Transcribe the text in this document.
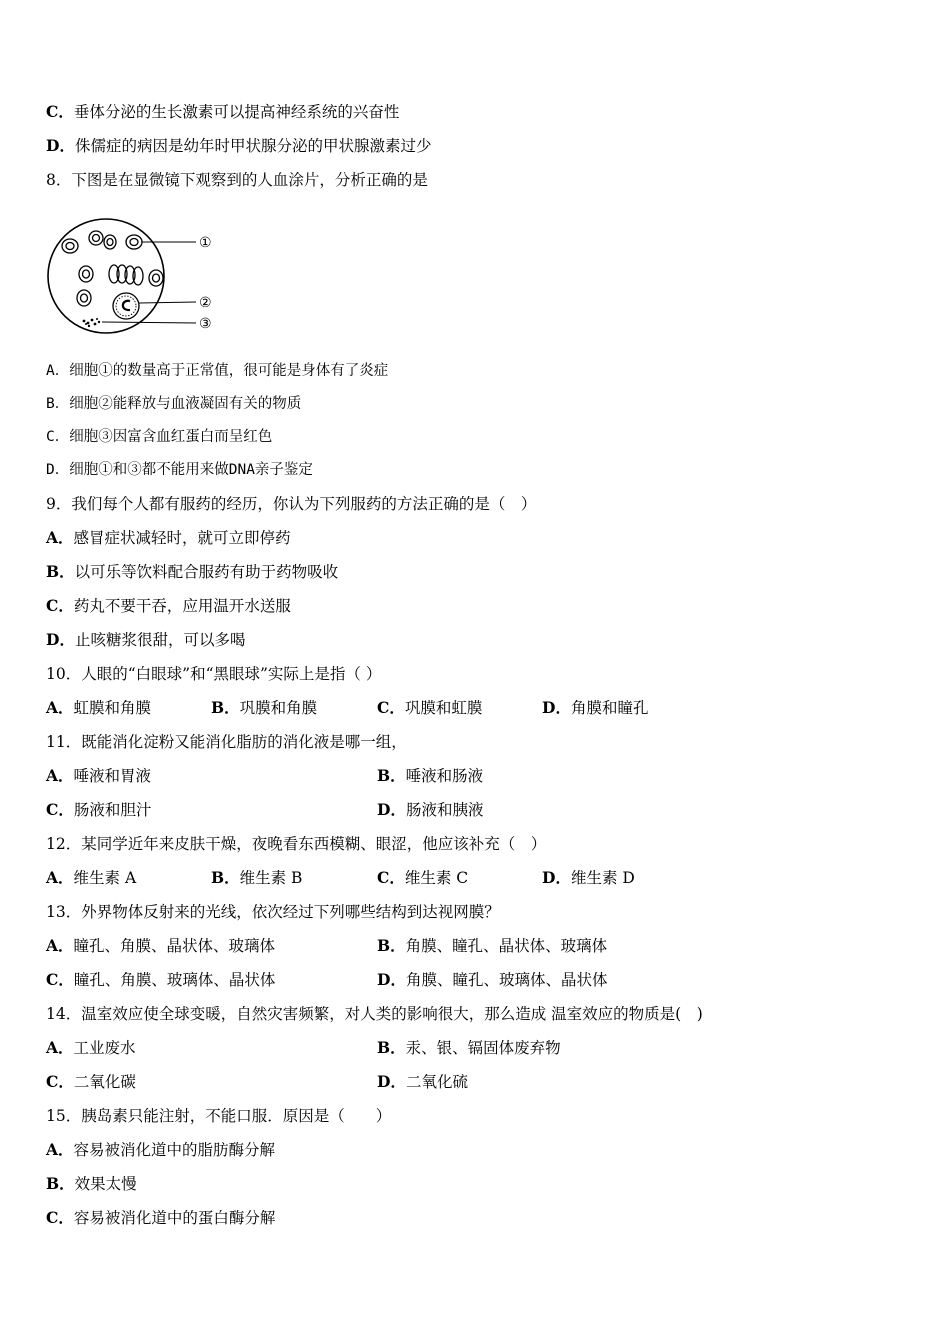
C．垂体分泌的生长激素可以提高神经系统的兴奋性
D．侏儒症的病因是幼年时甲状腺分泌的甲状腺激素过少
8．下图是在显微镜下观察到的人血涂片，分析正确的是
①
②
③
A．细胞①的数量高于正常值，很可能是身体有了炎症
B．细胞②能释放与血液凝固有关的物质
C．细胞③因富含血红蛋白而呈红色
D．细胞①和③都不能用来做DNA亲子鉴定
9．我们每个人都有服药的经历，你认为下列服药的方法正确的是（　）
A．感冒症状减轻时，就可立即停药
B．以可乐等饮料配合服药有助于药物吸收
C．药丸不要干吞，应用温开水送服
D．止咳糖浆很甜，可以多喝
10．人眼的“白眼球”和“黑眼球”实际上是指（ ）
A．虹膜和角膜	B．巩膜和角膜	C．巩膜和虹膜	D．角膜和瞳孔
11．既能消化淀粉又能消化脂肪的消化液是哪一组，
A．唾液和胃液	B．唾液和肠液
C．肠液和胆汁	D．肠液和胰液
12．某同学近年来皮肤干燥，夜晚看东西模糊、眼涩，他应该补充（　）
A．维生素 A	B．维生素 B	C．维生素 C	D．维生素 D
13．外界物体反射来的光线，依次经过下列哪些结构到达视网膜？
A．瞳孔、角膜、晶状体、玻璃体	B．角膜、瞳孔、晶状体、玻璃体
C．瞳孔、角膜、玻璃体、晶状体	D．角膜、瞳孔、玻璃体、晶状体
14．温室效应使全球变暖，自然灾害频繁，对人类的影响很大，那么造成 温室效应的物质是(　)
A．工业废水	B．汞、银、镉固体废弃物
C．二氧化碳	D．二氧化硫
15．胰岛素只能注射，不能口服．原因是（　　）
A．容易被消化道中的脂肪酶分解
B．效果太慢
C．容易被消化道中的蛋白酶分解
